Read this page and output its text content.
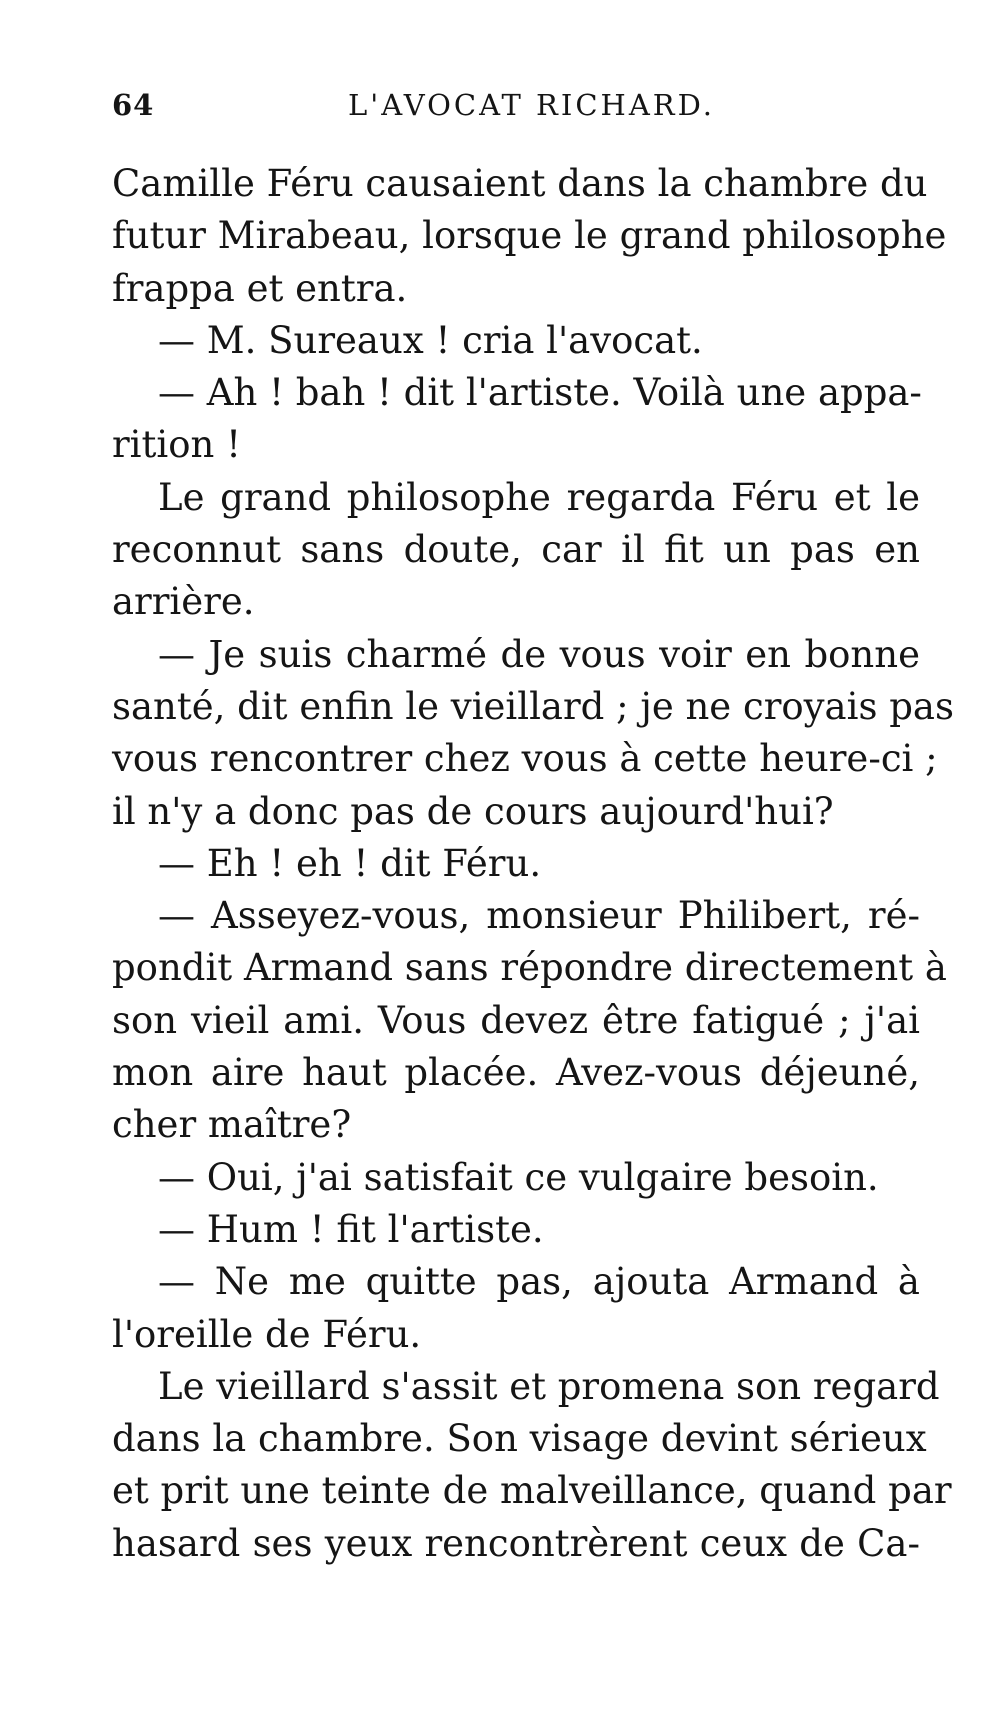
64	L'AVOCAT RICHARD.
Camille Féru causaient dans la chambre du
futur Mirabeau, lorsque le grand philosophe
frappa et entra.
— M. Sureaux ! cria l'avocat.
— Ah ! bah ! dit l'artiste. Voilà une appa-
rition !
Le grand philosophe regarda Féru et le
reconnut sans doute, car il fit un pas en
arrière.
— Je suis charmé de vous voir en bonne
santé, dit enfin le vieillard ; je ne croyais pas
vous rencontrer chez vous à cette heure-ci ;
il n'y a donc pas de cours aujourd'hui?
— Eh ! eh ! dit Féru.
— Asseyez-vous, monsieur Philibert, ré-
pondit Armand sans répondre directement à
son vieil ami. Vous devez être fatigué ; j'ai
mon aire haut placée. Avez-vous déjeuné,
cher maître?
— Oui, j'ai satisfait ce vulgaire besoin.
— Hum ! fit l'artiste.
— Ne me quitte pas, ajouta Armand à
l'oreille de Féru.
Le vieillard s'assit et promena son regard
dans la chambre. Son visage devint sérieux
et prit une teinte de malveillance, quand par
hasard ses yeux rencontrèrent ceux de Ca-
